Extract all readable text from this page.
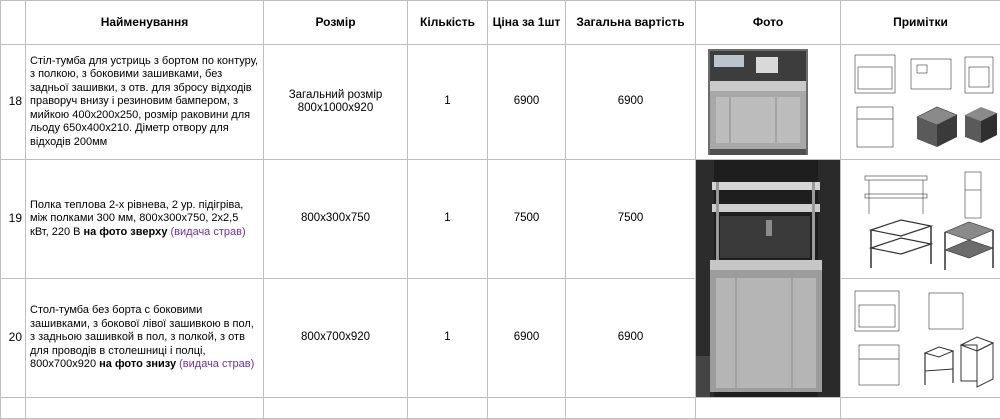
	Найменування	Розмір	Кількість	Ціна за 1шт	Загальна вартість	Фото	Примітки
18	Стіл-тумба для устриць з бортом по контуру, з полкою, з боковими зашивками, без задньої зашивки, з отв. для збросу відходів праворуч внизу і резиновим бампером, з мийкою 400х200х250, розмір раковини для льоду 650х400х210. Діметр отвору для відходів 200мм	Загальний розмір 800х1000х920	1	6900	6900	

19	Полка теплова 2-х рівнева, 2 ур. підігріва, між полками 300 мм, 800х300х750, 2х2,5 кВт, 220 В на фото зверху (видача страв)	800х300х750	1	7500	7500	

20	Стол-тумба без борта с боковими зашивками, з бокової лівої зашивкою в пол, з задньою зашивкой в пол, з полкой, з отв для проводів в столешниці і полці, 800х700х920 на фото знизу (видача страв)	800х700х920	1	6900	6900	
